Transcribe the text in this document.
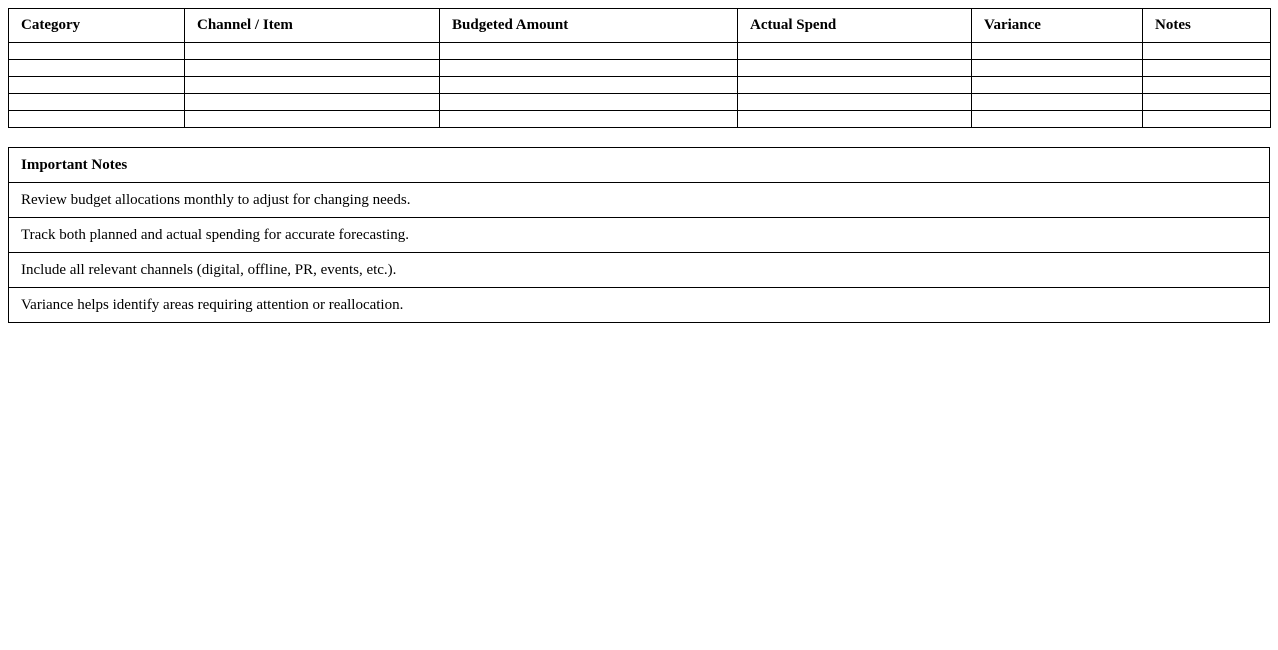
Category	Channel / Item	Budgeted Amount	Actual Spend	Variance	Notes

Important Notes
Review budget allocations monthly to adjust for changing needs.
Track both planned and actual spending for accurate forecasting.
Include all relevant channels (digital, offline, PR, events, etc.).
Variance helps identify areas requiring attention or reallocation.
